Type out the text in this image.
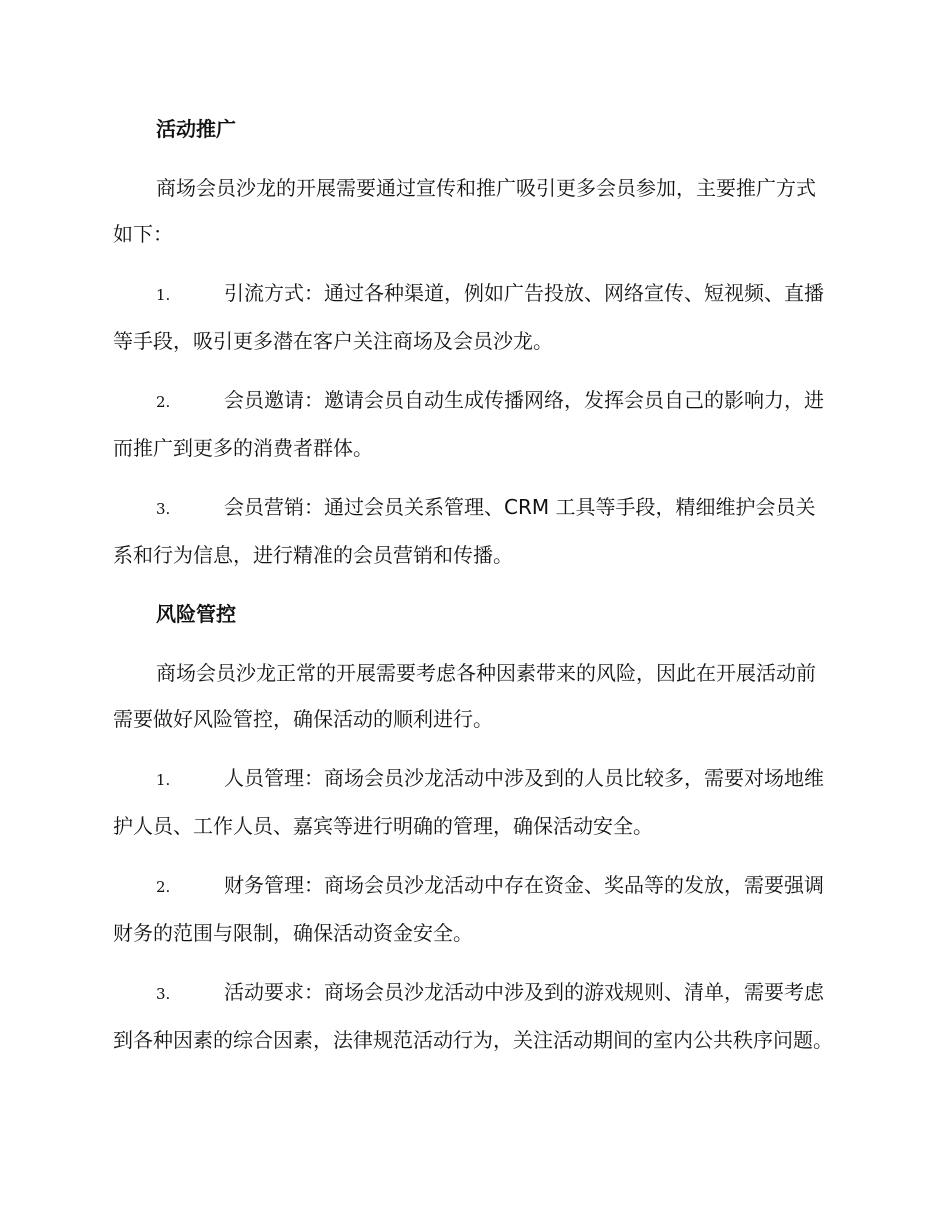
活动推广

商场会员沙龙的开展需要通过宣传和推广吸引更多会员参加，主要推广方式如下：

1.	引流方式：通过各种渠道，例如广告投放、网络宣传、短视频、直播等手段，吸引更多潜在客户关注商场及会员沙龙。

2.	会员邀请：邀请会员自动生成传播网络，发挥会员自己的影响力，进而推广到更多的消费者群体。

3.	会员营销：通过会员关系管理、CRM 工具等手段，精细维护会员关系和行为信息，进行精准的会员营销和传播。

风险管控

商场会员沙龙正常的开展需要考虑各种因素带来的风险，因此在开展活动前需要做好风险管控，确保活动的顺利进行。

1.	人员管理：商场会员沙龙活动中涉及到的人员比较多，需要对场地维护人员、工作人员、嘉宾等进行明确的管理，确保活动安全。

2.	财务管理：商场会员沙龙活动中存在资金、奖品等的发放，需要强调财务的范围与限制，确保活动资金安全。

3.	活动要求：商场会员沙龙活动中涉及到的游戏规则、清单，需要考虑到各种因素的综合因素，法律规范活动行为，关注活动期间的室内公共秩序问题。
